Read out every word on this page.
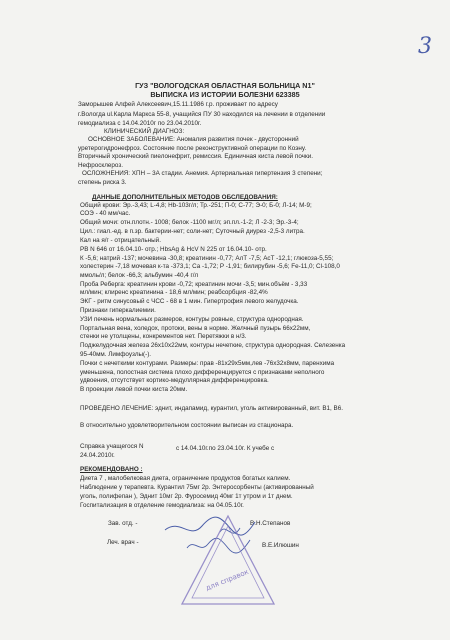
3
ГУЗ "ВОЛОГОДСКАЯ ОБЛАСТНАЯ БОЛЬНИЦА N1"
ВЫПИСКА ИЗ ИСТОРИИ БОЛЕЗНИ 623385
Заморышев Алфей Алексеевич,15.11.1986 г.р. проживает по адресу
г.Вологда ul.Карла Маркса 55-8, учащийся ПУ 30 находился на лечении в отделении
гемодиализа с 14.04.2010г по 23.04.2010г.
КЛИНИЧЕСКИЙ ДИАГНОЗ:
ОСНОВНОЕ ЗАБОЛЕВАНИЕ: Аномалия развития почек - двусторонний
уретерогидронефроз. Состояние после реконструктивной операции по Коэну.
Вторичный хронический пиелонефрит, ремиссия. Единичная киста левой почки.
Нефросклероз.
ОСЛОЖНЕНИЯ: ХПН – 3А стадии. Анемия. Артериальная гипертензия 3 степени;
степень риска 3.
ДАННЫЕ ДОПОЛНИТЕЛЬНЫХ МЕТОДОВ ОБСЛЕДОВАНИЯ:
Общий крови: Эр.-3,43; L-4,8; Hb-103г/л; Тр.-251; П-0; С-77; Э-0; Б-0; Л-14; М-9;
СОЭ - 40 мм/час.
Общий мочи: отн.плотн.- 1008; белок -1100 мг/л; эп.пл.-1-2; Л -2-3; Эр.-3-4;
Цил.: гиал.-ед. в п.зр. бактерии-нет; соли-нет; Суточный диурез -2,5-3 литра.
Кал на я/г - отрицательный.
РВ N 646 от 16.04.10- отр.; HbsAg & HcV N 225 от 16.04.10- отр.
К -5,6; натрий -137; мочевина -30,8; креатинин -0,77; АлТ -7,5; АсТ -12,1; глюкоза-5,55;
холестерин -7,18 мочевая к-та -373,1; Са -1,72; Р -1,91; билирубин -5,6; Fe-11,0; Cl-108,0
ммоль/л; белок -66,3; альбумин -40,4 г/л
Проба Реберга: креатинин крови -0,72; креатинин мочи -3,5; мин.объём - 3,33
мл/мин; клиренс креатинина - 18,6 мл/мин; реабсорбция -82,4%
ЭКГ - ритм синусовый с ЧСС - 68 в 1 мин. Гипертрофия левого желудочка.
Признаки гиперкалиемии.
УЗИ печень нормальных размеров, контуры ровные, структура однородная.
Портальная вена, холедох, протоки, вены в норме. Желчный пузырь 66х22мм,
стенки не утолщены, конкрементов нет. Перетяжки в н/3.
Поджелудочная железа 26х10х22мм, контуры нечеткие, структура однородная. Селезенка
95-40мм. Лимфоузлы(-).
Почки с нечеткими контурами. Размеры: прав -81х29х5мм,лев -76х32х8мм, паренхима
уменьшена, полостная система плохо дифференцируется с признаками неполного
удвоения, отсутствует кортико-медуллярная дифференцировка.
В проекции левой почки киста 20мм.
ПРОВЕДЕНО ЛЕЧЕНИЕ: эднит, индапамид, курантил, уголь активированный, вит. В1, В6.
В относительно удовлетворительном состоянии выписан из стационара.
Справка учащегося N	с 14.04.10г.по 23.04.10г. К учебе с
24.04.2010г.
РЕКОМЕНДОВАНО :
Диета 7 , малобелковая диета, ограничение продуктов богатых калием.
Наблюдение у терапевта. Курантил 75мг 2р. Энтеросорбенты (активированный
уголь, полифепан ), Эднит 10мг 2р. Фуросемид 40мг 1т утром и 1т днем.
Госпитализация в отделение гемодиализа: на 04.05.10г.
Зав. отд. -	В.Н.Степанов
Леч. врач -	В.Е.Илюшин
для справок
